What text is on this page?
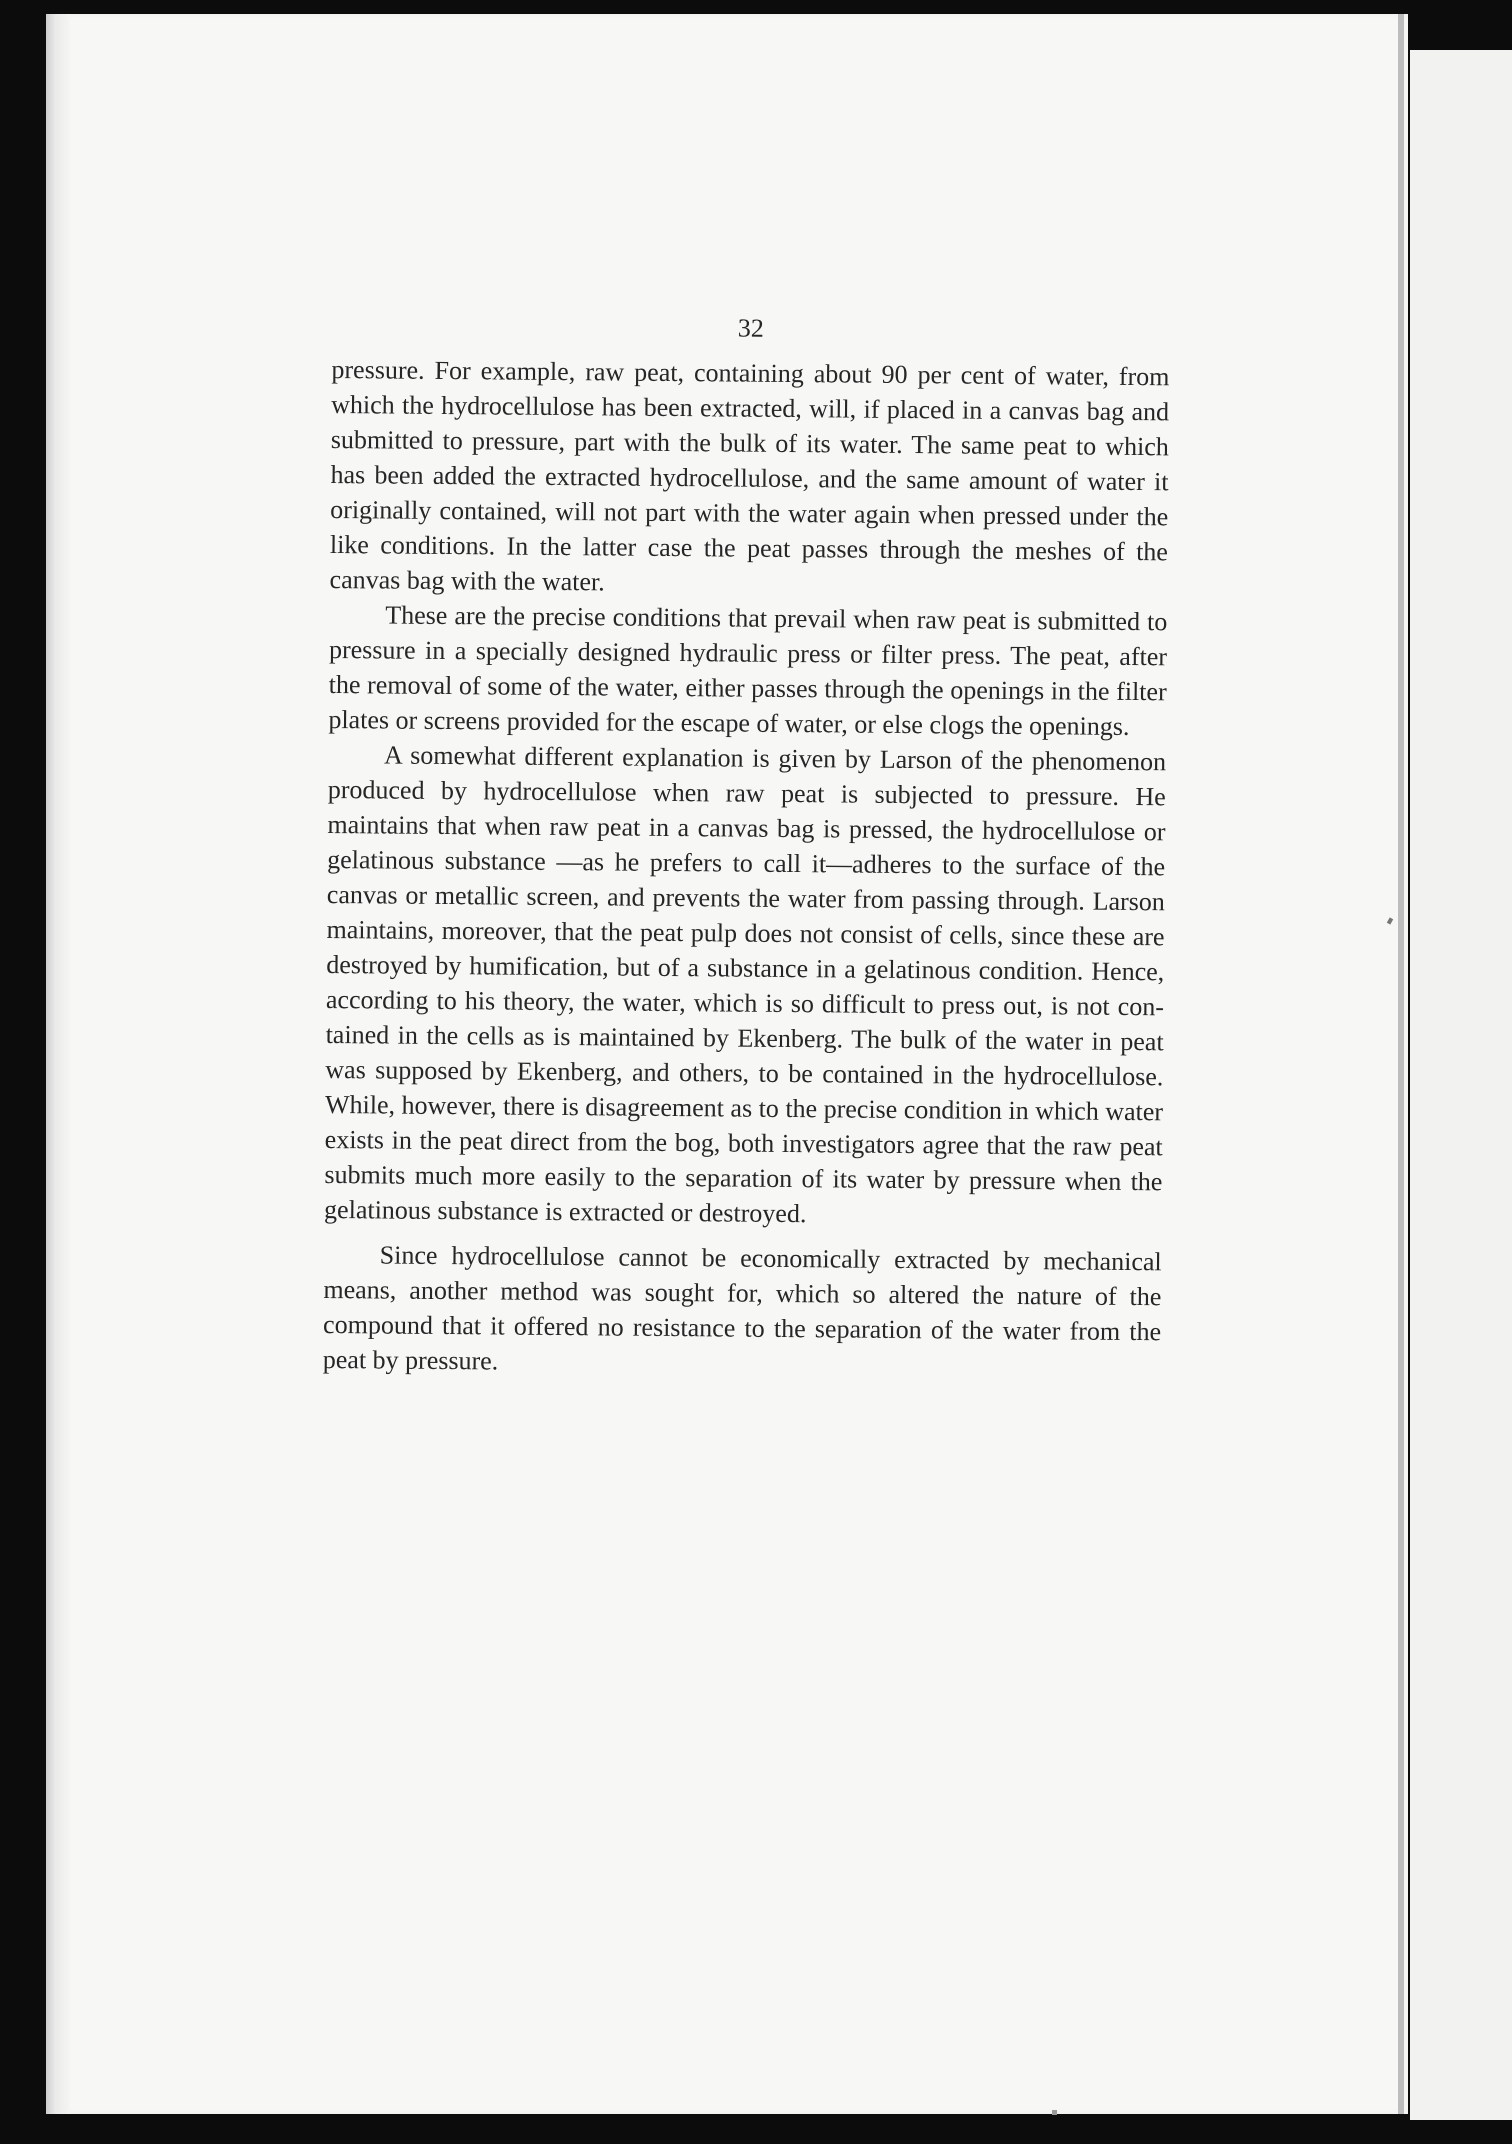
32

pressure. For example, raw peat, containing about 90 per cent of water, from which the hydrocellulose has been extracted, will, if placed in a canvas bag and submitted to pressure, part with the bulk of its water. The same peat to which has been added the extracted hydrocellulose, and the same amount of water it originally contained, will not part with the water again when pressed under the like conditions. In the latter case the peat passes through the meshes of the canvas bag with the water.

These are the precise conditions that prevail when raw peat is submitted to pressure in a specially designed hydraulic press or filter press. The peat, after the removal of some of the water, either passes through the openings in the filter plates or screens provided for the escape of water, or else clogs the openings.

A somewhat different explanation is given by Larson of the phenomenon produced by hydrocellulose when raw peat is subjected to pressure. He maintains that when raw peat in a canvas bag is pressed, the hydrocellulose or gelatinous substance —as he prefers to call it—adheres to the surface of the canvas or metallic screen, and prevents the water from passing through. Larson maintains, moreover, that the peat pulp does not consist of cells, since these are destroyed by humification, but of a substance in a gelatinous condition. Hence, according to his theory, the water, which is so difficult to press out, is not contained in the cells as is maintained by Ekenberg. The bulk of the water in peat was supposed by Ekenberg, and others, to be contained in the hydrocellulose. While, however, there is disagreement as to the precise condition in which water exists in the peat direct from the bog, both investigators agree that the raw peat submits much more easily to the separation of its water by pressure when the gelatinous substance is extracted or destroyed.

Since hydrocellulose cannot be economically extracted by mechanical means, another method was sought for, which so altered the nature of the compound that it offered no resistance to the separation of the water from the peat by pressure.
